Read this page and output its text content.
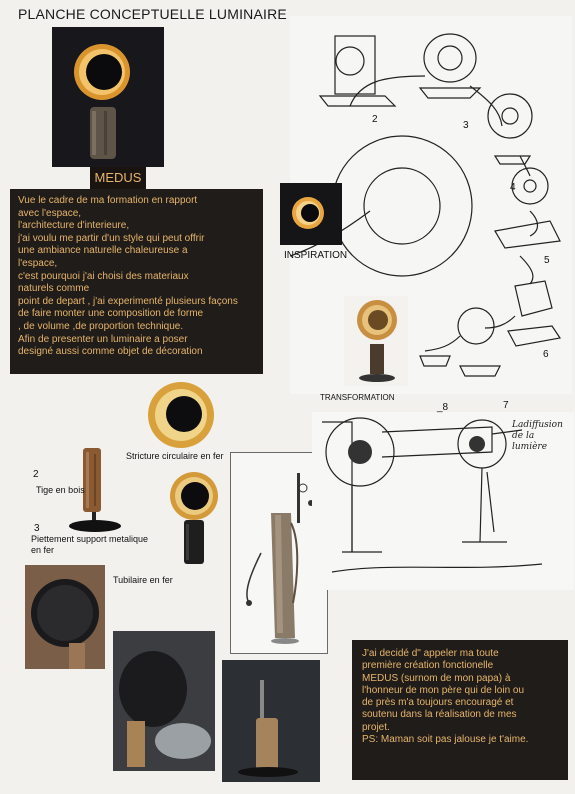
PLANCHE CONCEPTUELLE LUMINAIRE
MEDUS
Vue le cadre de ma formation en rapport
avec l'espace,
l'architecture d'interieure,
j'ai voulu me partir d'un style qui peut offrir
une ambiance naturelle chaleureuse a
l'espace,
c'est pourquoi j'ai choisi des materiaux
naturels comme
point de depart , j'ai experimenté plusieurs façons
de faire monter une composition de forme
, de volume ,de proportion technique.
Afin de presenter un luminaire a poser
designé aussi comme objet de décoration
2
3
4
5
6
INSPIRATION
TRANSFORMATION
Stricture circulaire en fer
2
Tige en bois
3
Piettement support metalique
en fer
Tubilaire en fer
_8	7
Ladiffusion de la lumière
J'ai decidé d" appeler ma toute
première création fonctionelle
MEDUS (surnom de mon papa) à
l'honneur de mon père qui de loin ou
de près m'a toujours encouragé et
soutenu dans la réalisation de mes
projet.
PS: Maman soit pas jalouse je t'aime.
